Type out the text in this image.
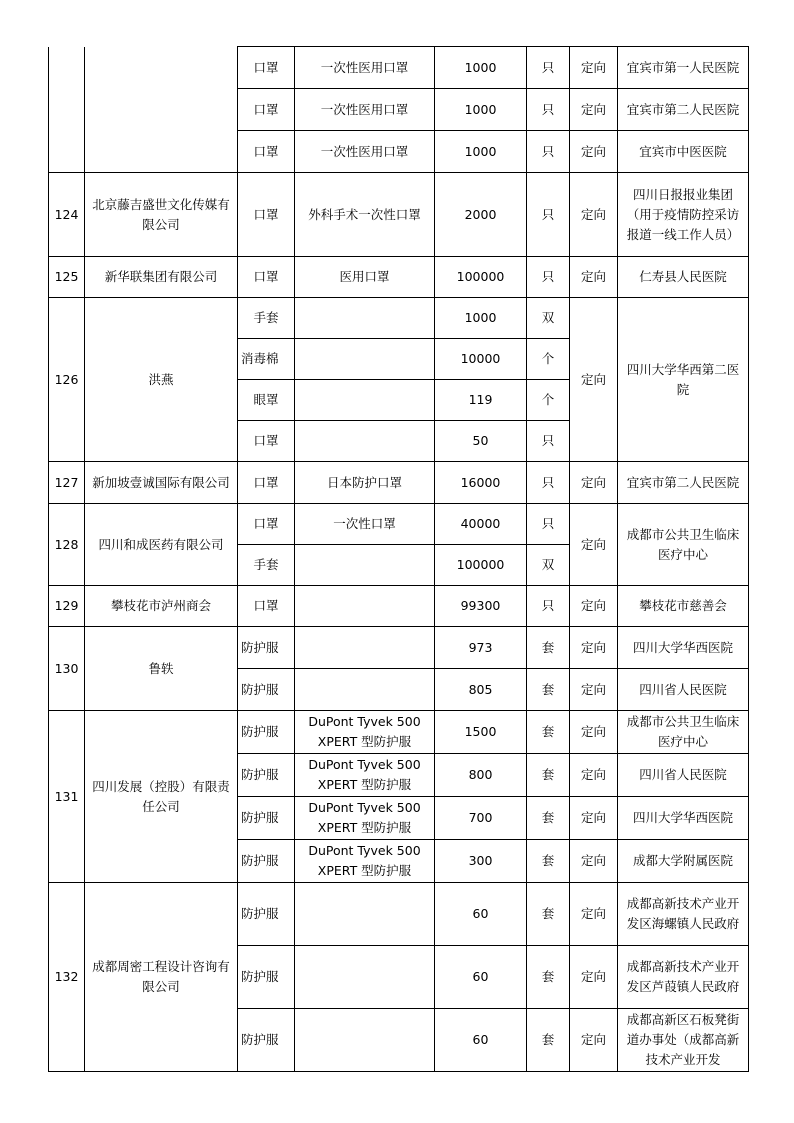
		口罩	一次性医用口罩	1000	只	定向	宜宾市第一人民医院
		口罩	一次性医用口罩	1000	只	定向	宜宾市第二人民医院
		口罩	一次性医用口罩	1000	只	定向	宜宾市中医医院
124	北京藤吉盛世文化传媒有限公司	口罩	外科手术一次性口罩	2000	只	定向	四川日报报业集团（用于疫情防控采访报道一线工作人员）
125	新华联集团有限公司	口罩	医用口罩	100000	只	定向	仁寿县人民医院
126	洪燕	手套		1000	双	定向	四川大学华西第二医院
		消毒棉		10000	个		
		眼罩		119	个		
		口罩		50	只		
127	新加坡壹诚国际有限公司	口罩	日本防护口罩	16000	只	定向	宜宾市第二人民医院
128	四川和成医药有限公司	口罩	一次性口罩	40000	只	定向	成都市公共卫生临床医疗中心
		手套		100000	双		
129	攀枝花市泸州商会	口罩		99300	只	定向	攀枝花市慈善会
130	鲁轶	防护服		973	套	定向	四川大学华西医院
		防护服		805	套	定向	四川省人民医院
131	四川发展（控股）有限责任公司	防护服	DuPont Tyvek 500 XPERT 型防护服	1500	套	定向	成都市公共卫生临床医疗中心
		防护服	DuPont Tyvek 500 XPERT 型防护服	800	套	定向	四川省人民医院
		防护服	DuPont Tyvek 500 XPERT 型防护服	700	套	定向	四川大学华西医院
		防护服	DuPont Tyvek 500 XPERT 型防护服	300	套	定向	成都大学附属医院
132	成都周密工程设计咨询有限公司	防护服		60	套	定向	成都高新技术产业开发区海螺镇人民政府
		防护服		60	套	定向	成都高新技术产业开发区芦葭镇人民政府
		防护服		60	套	定向	成都高新区石板凳街道办事处（成都高新技术产业开发
